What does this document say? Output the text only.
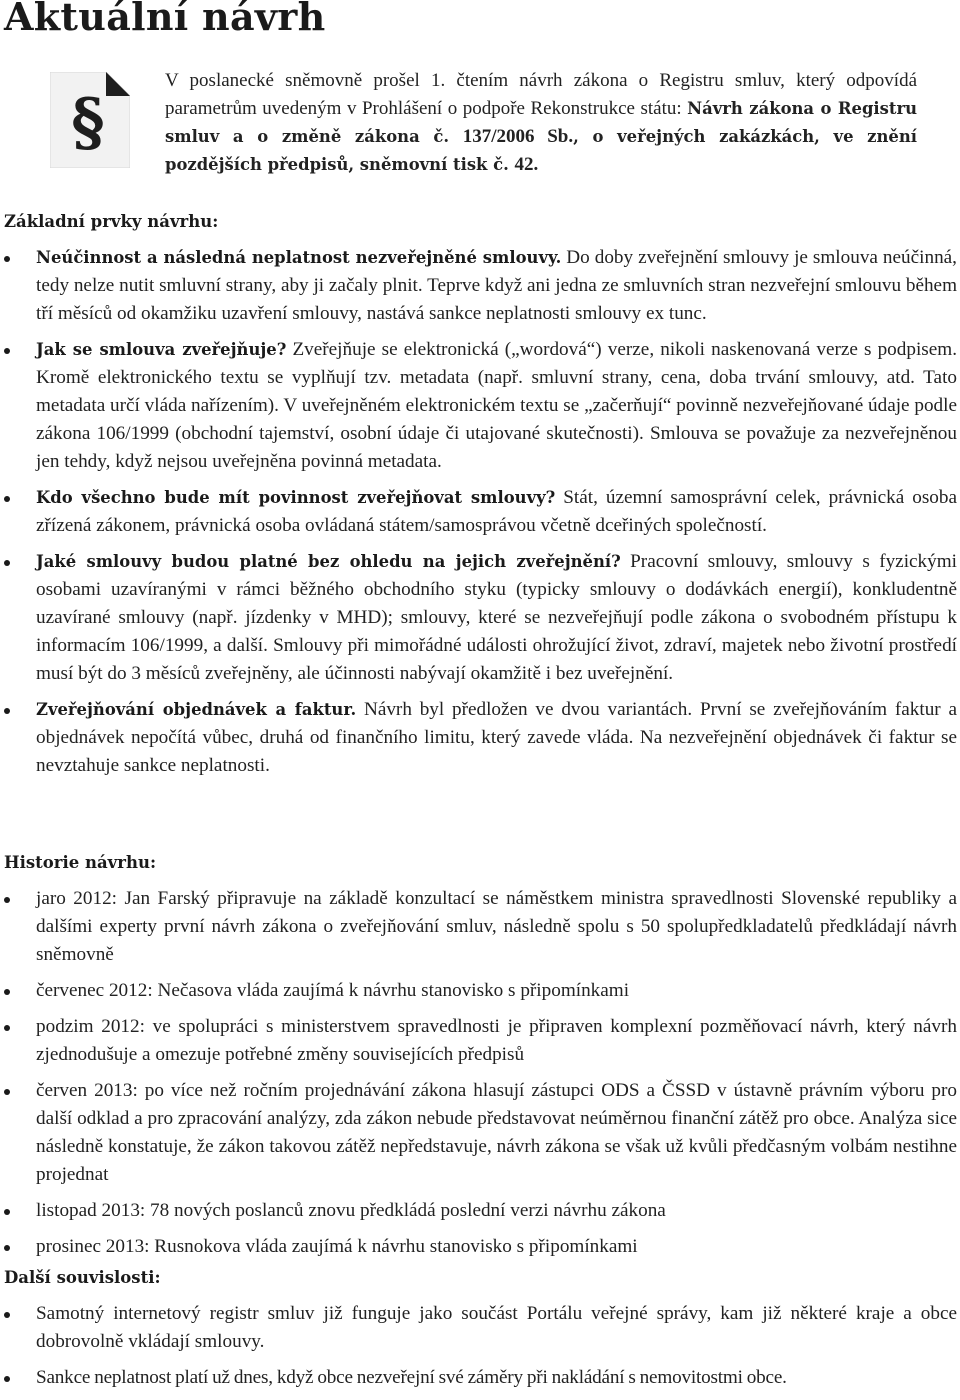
Aktuální návrh
§

V poslanecké sněmovně prošel 1. čtením návrh zákona o Registru smluv, který odpovídá parametrům uvedeným v Prohlášení o podpoře Rekonstrukce státu: Návrh zákona o Registru smluv a o změně zákona č. 137/2006 Sb., o veřejných zakázkách, ve znění pozdějších předpisů, sněmovní tisk č. 42.

Základní prvky návrhu:
Neúčinnost a následná neplatnost nezveřejněné smlouvy. Do doby zveřejnění smlouvy je smlouva neúčinná, tedy nelze nutit smluvní strany, aby ji začaly plnit. Teprve když ani jedna ze smluvních stran nezveřejní smlouvu během tří měsíců od okamžiku uzavření smlouvy, nastává sankce neplatnosti smlouvy ex tunc.
Jak se smlouva zveřejňuje? Zveřejňuje se elektronická („wordová“) verze, nikoli naskenovaná verze s podpisem. Kromě elektronického textu se vyplňují tzv. metadata (např. smluvní strany, cena, doba trvání smlouvy, atd. Tato metadata určí vláda nařízením). V uveřejněném elektronickém textu se „začerňují“ povinně nezveřejňované údaje podle zákona 106/1999 (obchodní tajemství, osobní údaje či utajované skutečnosti). Smlouva se považuje za nezveřejněnou jen tehdy, když nejsou uveřejněna povinná metadata.
Kdo všechno bude mít povinnost zveřejňovat smlouvy? Stát, územní samosprávní celek, právnická osoba zřízená zákonem, právnická osoba ovládaná státem/samosprávou včetně dceřiných společností.
Jaké smlouvy budou platné bez ohledu na jejich zveřejnění? Pracovní smlouvy, smlouvy s fyzickými osobami uzavíranými v rámci běžného obchodního styku (typicky smlouvy o dodávkách energií), konkludentně uzavírané smlouvy (např. jízdenky v MHD); smlouvy, které se nezveřejňují podle zákona o svobodném přístupu k informacím 106/1999, a další. Smlouvy při mimořádné události ohrožující život, zdraví, majetek nebo životní prostředí musí být do 3 měsíců zveřejněny, ale účinnosti nabývají okamžitě i bez uveřejnění.
Zveřejňování objednávek a faktur. Návrh byl předložen ve dvou variantách. První se zveřejňováním faktur a objednávek nepočítá vůbec, druhá od finančního limitu, který zavede vláda. Na nezveřejnění objednávek či faktur se nevztahuje sankce neplatnosti.
Historie návrhu:
jaro 2012: Jan Farský připravuje na základě konzultací se náměstkem ministra spravedlnosti Slovenské republiky a dalšími experty první návrh zákona o zveřejňování smluv, následně spolu s 50 spolupředkladatelů předkládají návrh sněmovně
červenec 2012: Nečasova vláda zaujímá k návrhu stanovisko s připomínkami
podzim 2012: ve spolupráci s ministerstvem spravedlnosti je připraven komplexní pozměňovací návrh, který návrh zjednodušuje a omezuje potřebné změny souvisejících předpisů
červen 2013: po více než ročním projednávání zákona hlasují zástupci ODS a ČSSD v ústavně právním výboru pro další odklad a pro zpracování analýzy, zda zákon nebude představovat neúměrnou finanční zátěž pro obce. Analýza sice následně konstatuje, že zákon takovou zátěž nepředstavuje, návrh zákona se však už kvůli předčasným volbám nestihne projednat
listopad 2013: 78 nových poslanců znovu předkládá poslední verzi návrhu zákona
prosinec 2013: Rusnokova vláda zaujímá k návrhu stanovisko s připomínkami
Další souvislosti:
Samotný internetový registr smluv již funguje jako součást Portálu veřejné správy, kam již některé kraje a obce dobrovolně vkládají smlouvy.
Sankce neplatnost platí už dnes, když obce nezveřejní své záměry při nakládání s nemovitostmi obce.
